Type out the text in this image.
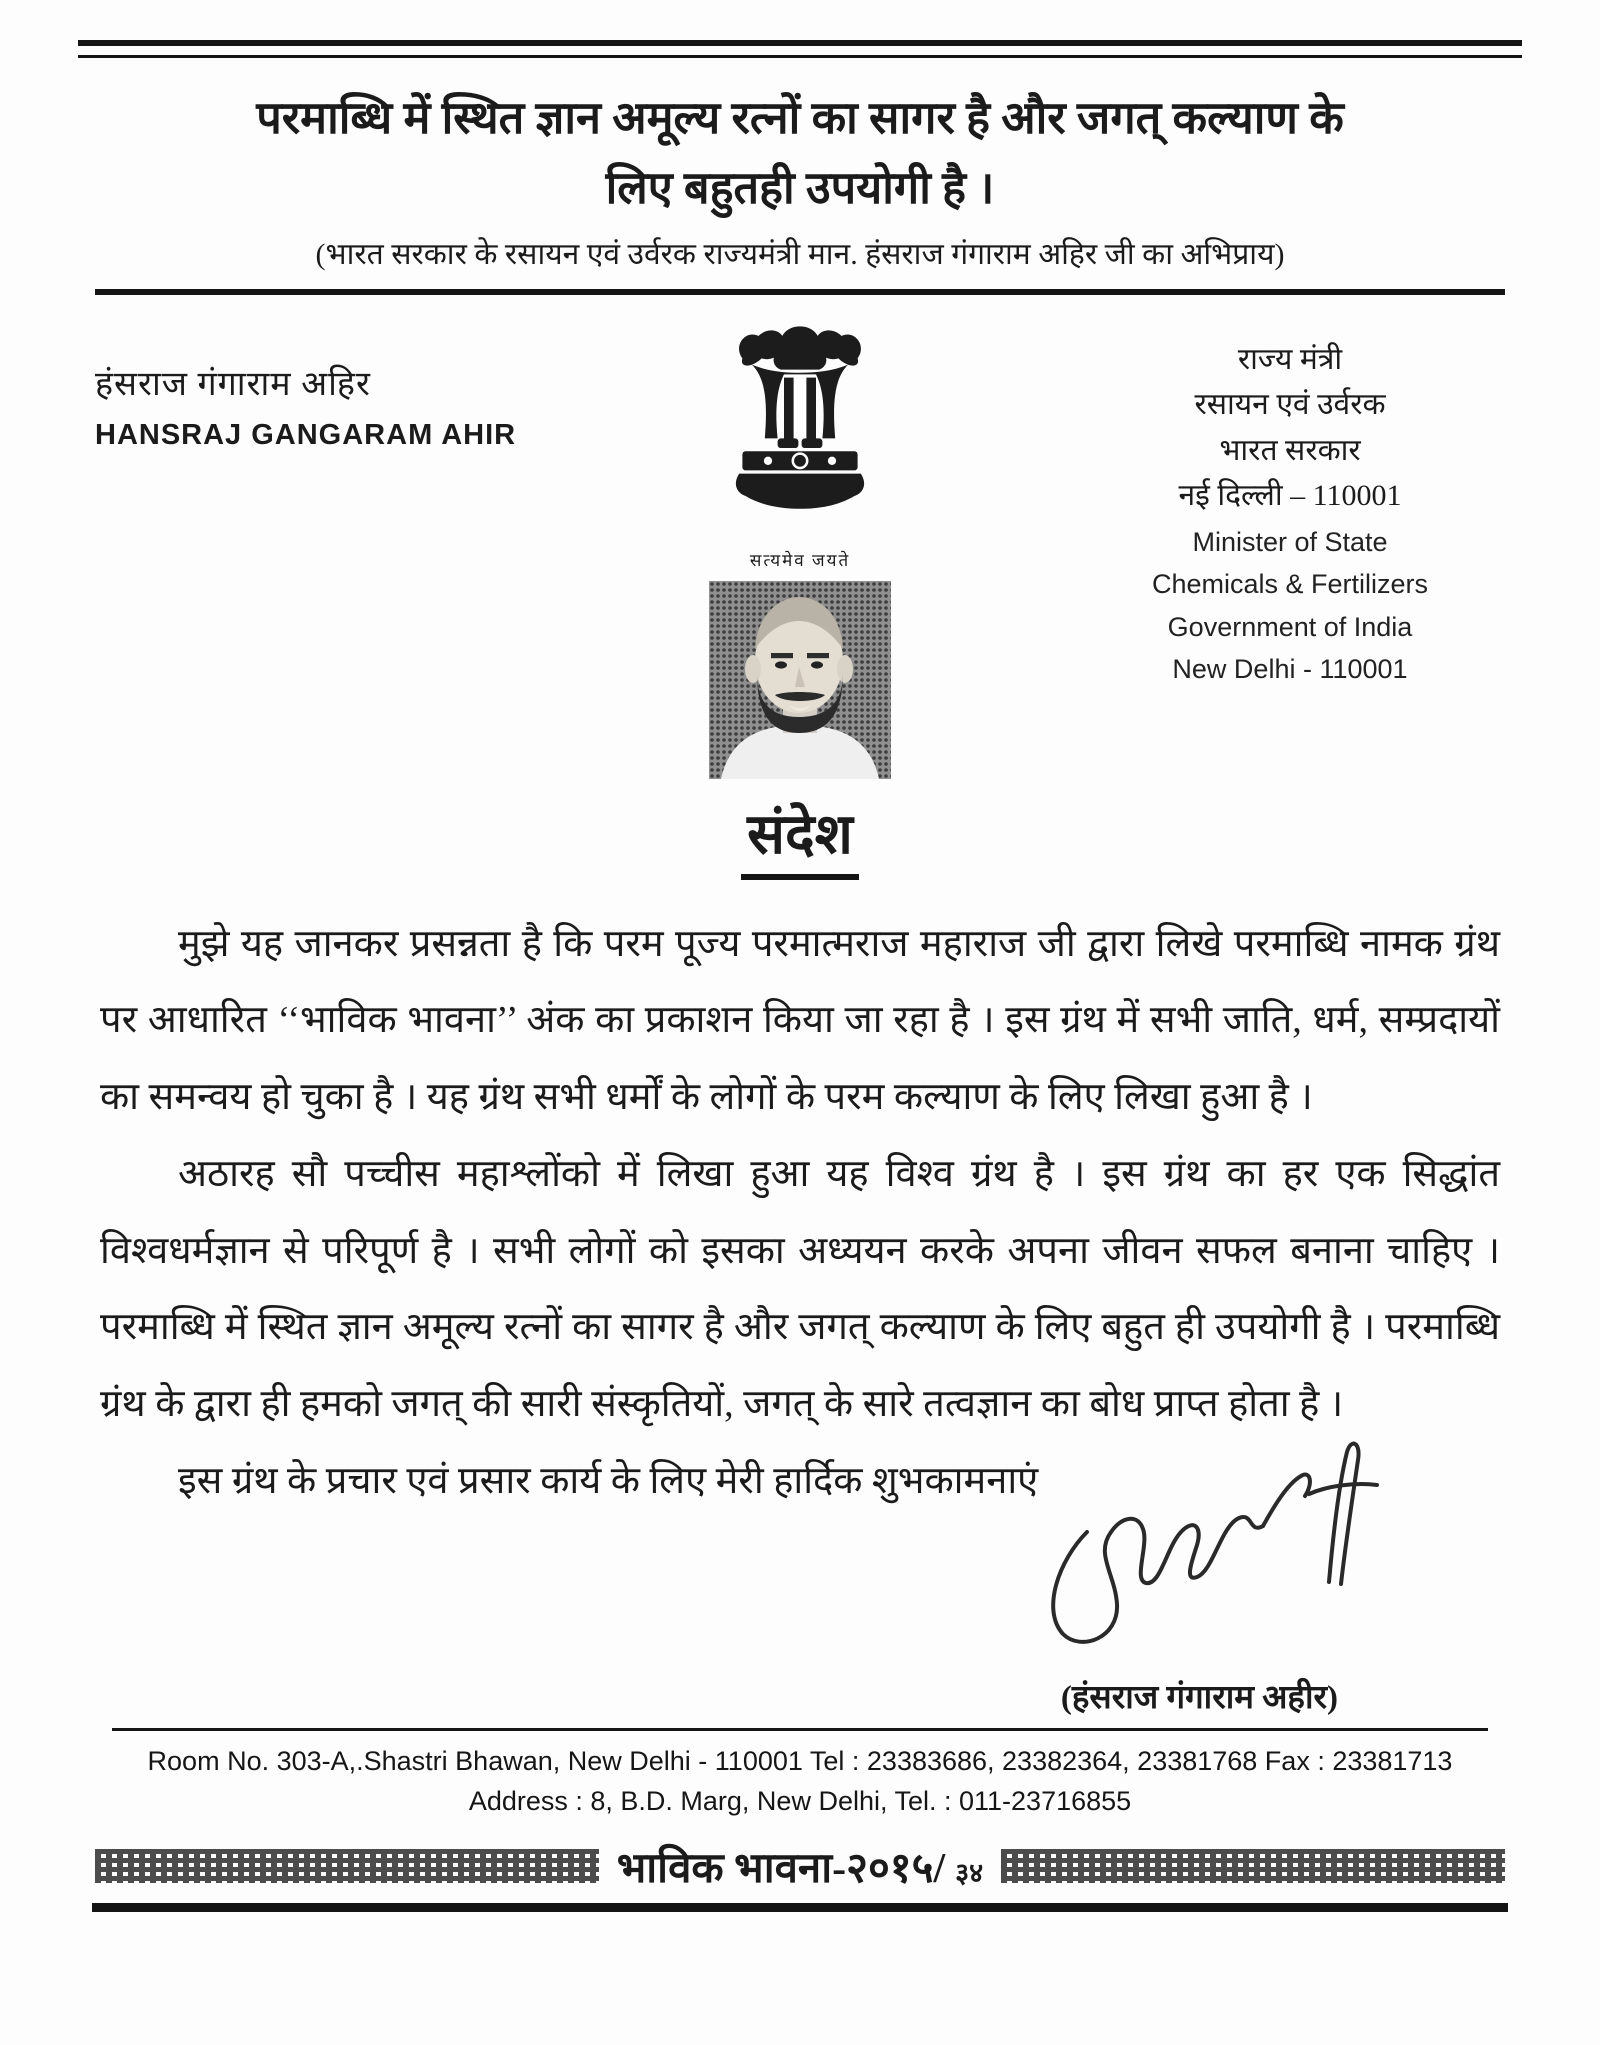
परमाब्धि में स्थित ज्ञान अमूल्य रत्नों का सागर है और जगत् कल्याण के
लिए बहुतही उपयोगी है ।
(भारत सरकार के रसायन एवं उर्वरक राज्यमंत्री मान. हंसराज गंगाराम अहिर जी का अभिप्राय)
हंसराज गंगाराम अहिर
HANSRAJ GANGARAM AHIR
सत्यमेव जयते
राज्य मंत्री
रसायन एवं उर्वरक
भारत सरकार
नई दिल्ली – 110001
Minister of State
Chemicals & Fertilizers
Government of India
New Delhi - 110001
संदेश

मुझे यह जानकर प्रसन्नता है कि परम पूज्य परमात्मराज महाराज जी द्वारा लिखे परमाब्धि नामक ग्रंथ पर आधारित ‘‘भाविक भावना’’ अंक का प्रकाशन किया जा रहा है । इस ग्रंथ में सभी जाति, धर्म, सम्प्रदायों का समन्वय हो चुका है । यह ग्रंथ सभी धर्मों के लोगों के परम कल्याण के लिए लिखा हुआ है ।

अठारह सौ पच्चीस महाश्लोंको में लिखा हुआ यह विश्व ग्रंथ है । इस ग्रंथ का हर एक सिद्धांत विश्वधर्मज्ञान से परिपूर्ण है । सभी लोगों को इसका अध्ययन करके अपना जीवन सफल बनाना चाहिए । परमाब्धि में स्थित ज्ञान अमूल्य रत्नों का सागर है और जगत् कल्याण के लिए बहुत ही उपयोगी है । परमाब्धि ग्रंथ के द्वारा ही हमको जगत् की सारी संस्कृतियों, जगत् के सारे तत्वज्ञान का बोध प्राप्त होता है ।

इस ग्रंथ के प्रचार एवं प्रसार कार्य के लिए मेरी हार्दिक शुभकामनाएं

(हंसराज गंगाराम अहीर)
Room No. 303-A,.Shastri Bhawan, New Delhi - 110001 Tel : 23383686, 23382364, 23381768 Fax : 23381713
Address : 8, B.D. Marg, New Delhi, Tel. : 011-23716855
भाविक भावना-२०१५/ ३४
